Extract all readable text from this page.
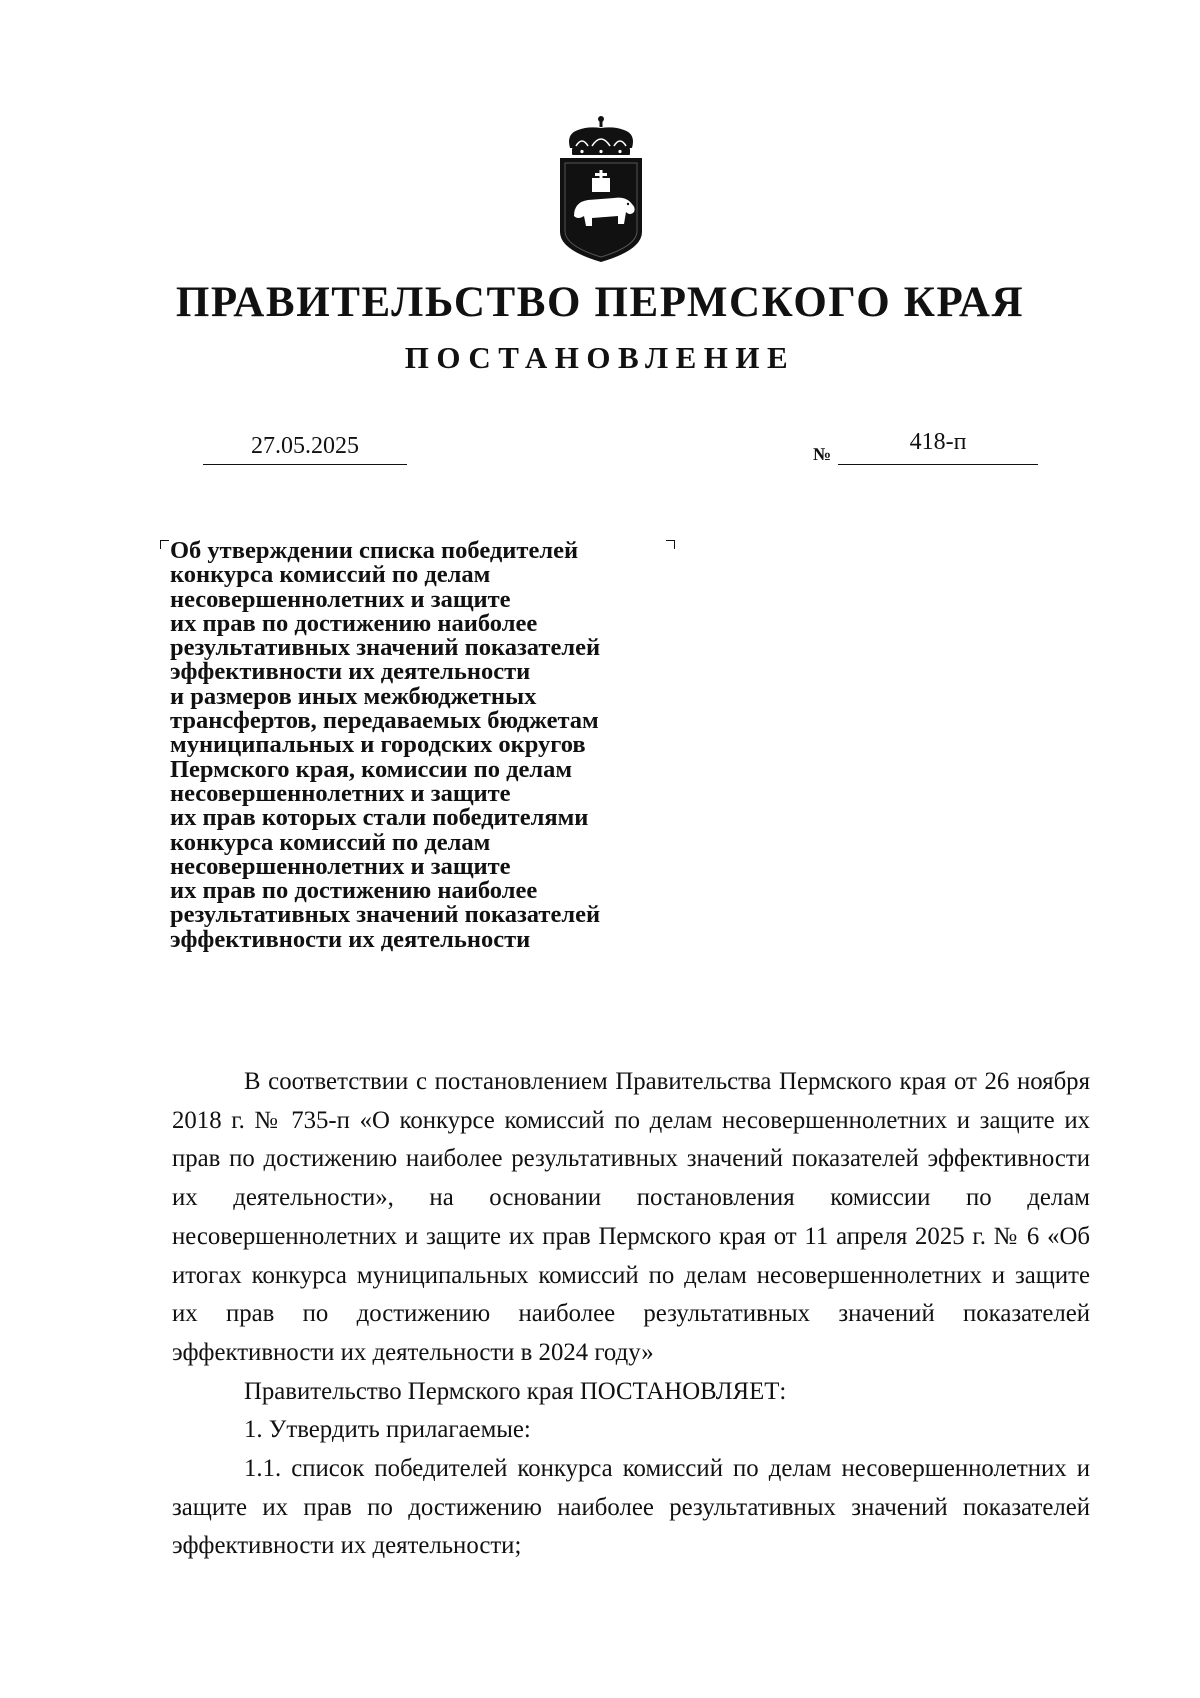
ПРАВИТЕЛЬСТВО ПЕРМСКОГО КРАЯ
ПОСТАНОВЛЕНИЕ
27.05.2025	№	418-п
Об утверждении списка победителей
конкурса комиссий по делам
несовершеннолетних и защите
их прав по достижению наиболее
результативных значений показателей
эффективности их деятельности
и размеров иных межбюджетных
трансфертов, передаваемых бюджетам
муниципальных и городских округов
Пермского края, комиссии по делам
несовершеннолетних и защите
их прав которых стали победителями
конкурса комиссий по делам
несовершеннолетних и защите
их прав по достижению наиболее
результативных значений показателей
эффективности их деятельности
В соответствии с постановлением Правительства Пермского края от 26 ноября 2018 г. № 735-п «О конкурсе комиссий по делам несовершеннолетних и защите их прав по достижению наиболее результативных значений показателей эффективности их деятельности», на основании постановления комиссии по делам несовершеннолетних и защите их прав Пермского края от 11 апреля 2025 г. № 6 «Об итогах конкурса муниципальных комиссий по делам несовершеннолетних и защите их прав по достижению наиболее результативных значений показателей эффективности их деятельности в 2024 году»
Правительство Пермского края ПОСТАНОВЛЯЕТ:
1. Утвердить прилагаемые:
1.1. список победителей конкурса комиссий по делам несовершеннолетних и защите их прав по достижению наиболее результативных значений показателей эффективности их деятельности;
